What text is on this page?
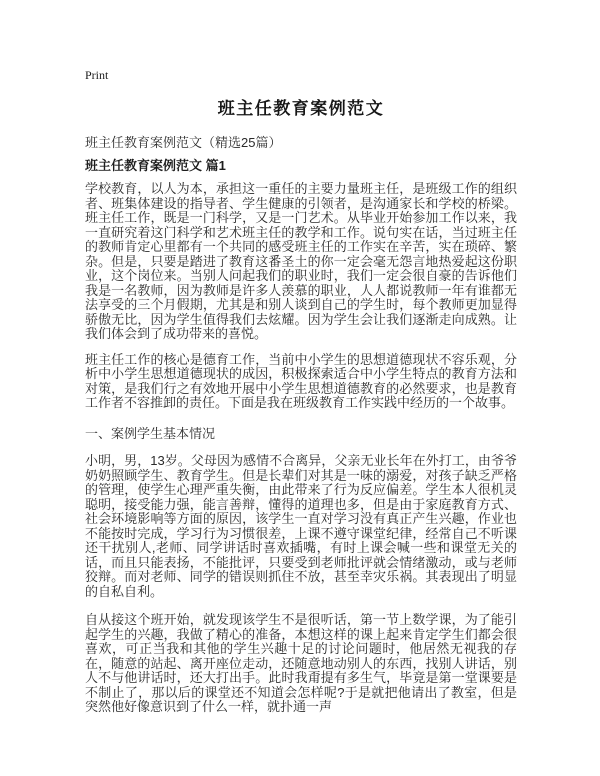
Print
班主任教育案例范文
班主任教育案例范文（精选25篇）
班主任教育案例范文 篇1

学校教育，以人为本，承担这一重任的主要力量班主任，是班级工作的组织者、班集体建设的指导者、学生健康的引领者，是沟通家长和学校的桥梁。班主任工作，既是一门科学，又是一门艺术。从毕业开始参加工作以来，我一直研究着这门科学和艺术班主任的教学和工作。说句实在话，当过班主任的教师肯定心里都有一个共同的感受班主任的工作实在辛苦，实在琐碎、繁杂。但是，只要是踏进了教育这番圣土的你一定会毫无怨言地热爱起这份职业，这个岗位来。当别人问起我们的职业时，我们一定会很自豪的告诉他们我是一名教师，因为教师是许多人羡慕的职业，人人都说教师一年有谁都无法享受的三个月假期，尤其是和别人谈到自己的学生时，每个教师更加显得骄傲无比，因为学生值得我们去炫耀。因为学生会让我们逐渐走向成熟。让我们体会到了成功带来的喜悦。

班主任工作的核心是德育工作，当前中小学生的思想道德现状不容乐观，分析中小学生思想道德现状的成因，积极探索适合中小学生特点的教育方法和对策，是我们行之有效地开展中小学生思想道德教育的必然要求，也是教育工作者不容推卸的责任。下面是我在班级教育工作实践中经历的一个故事。

一、案例学生基本情况

小明，男，13岁。父母因为感情不合离异，父亲无业长年在外打工，由爷爷奶奶照顾学生、教育学生。但是长辈们对其是一味的溺爱，对孩子缺乏严格的管理，使学生心理严重失衡，由此带来了行为反应偏差。学生本人很机灵聪明，接受能力强，能言善辩，懂得的道理也多，但是由于家庭教育方式、社会环境影响等方面的原因，该学生一直对学习没有真正产生兴趣，作业也不能按时完成，学习行为习惯很差，上课不遵守课堂纪律，经常自己不听课还干扰别人,老师、同学讲话时喜欢插嘴，有时上课会喊一些和课堂无关的话，而且只能表扬，不能批评，只要受到老师批评就会情绪激动，或与老师狡辩。而对老师、同学的错误则抓住不放，甚至幸灾乐祸。其表现出了明显的自私自利。

自从接这个班开始，就发现该学生不是很听话，第一节上数学课，为了能引起学生的兴趣，我做了精心的准备，本想这样的课上起来肯定学生们都会很喜欢，可正当我和其他的学生兴趣十足的讨论问题时，他居然无视我的存在，随意的站起、离开座位走动，还随意地动别人的东西，找别人讲话，别人不与他讲话时，还大打出手。此时我甭提有多生气，毕竟是第一堂课要是不制止了，那以后的课堂还不知道会怎样呢?于是就把他请出了教室，但是突然他好像意识到了什么一样，就扑通一声
